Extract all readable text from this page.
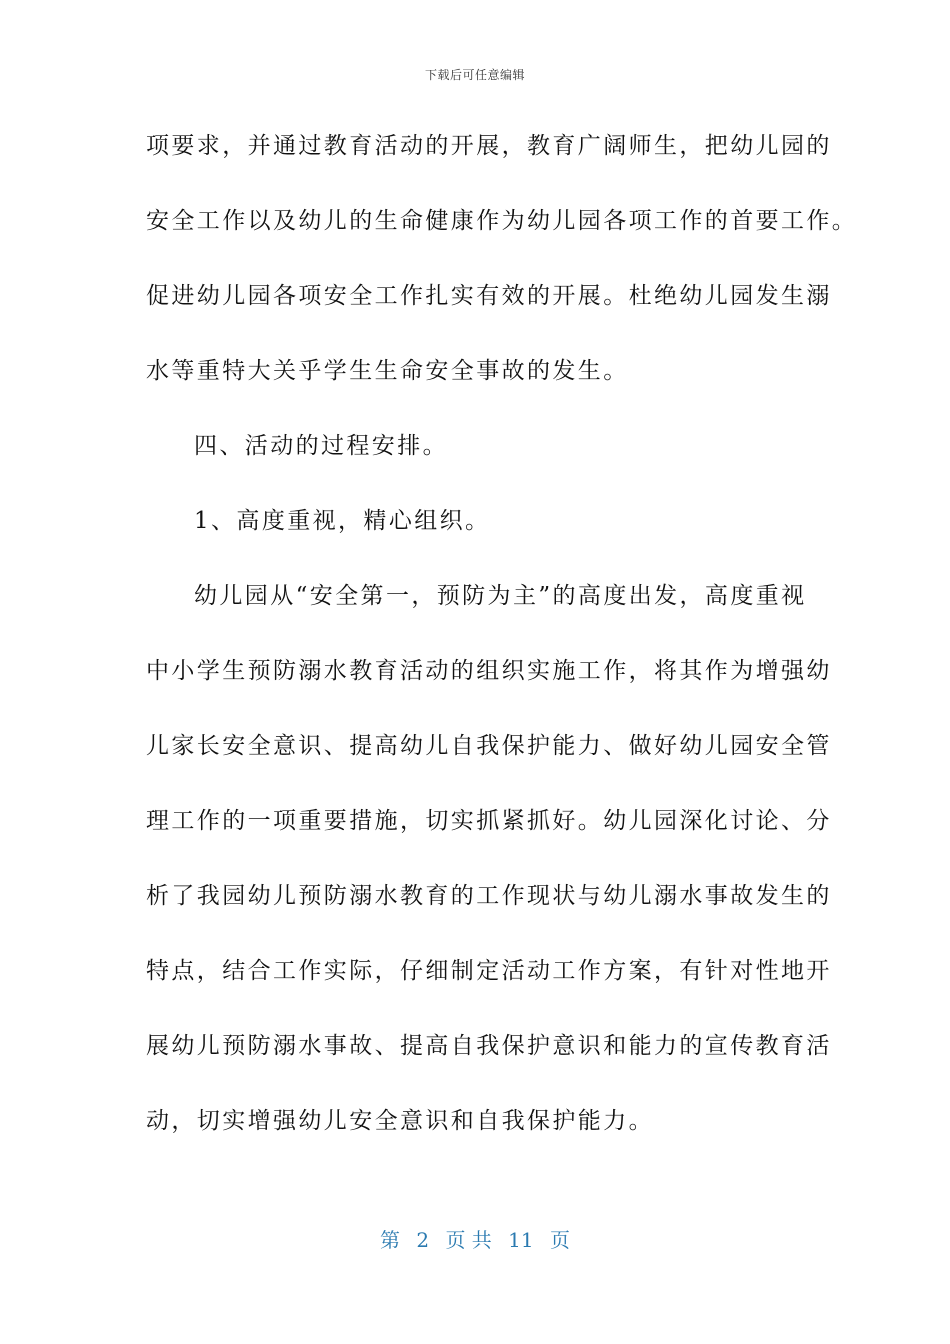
下载后可任意编辑
项要求，并通过教育活动的开展，教育广阔师生，把幼儿园的
安全工作以及幼儿的生命健康作为幼儿园各项工作的首要工作。
促进幼儿园各项安全工作扎实有效的开展。杜绝幼儿园发生溺
水等重特大关乎学生生命安全事故的发生。
四、活动的过程安排。
1、高度重视，精心组织。
幼儿园从“安全第一，预防为主”的高度出发，高度重视
中小学生预防溺水教育活动的组织实施工作，将其作为增强幼
儿家长安全意识、提高幼儿自我保护能力、做好幼儿园安全管
理工作的一项重要措施，切实抓紧抓好。幼儿园深化讨论、分
析了我园幼儿预防溺水教育的工作现状与幼儿溺水事故发生的
特点，结合工作实际，仔细制定活动工作方案，有针对性地开
展幼儿预防溺水事故、提高自我保护意识和能力的宣传教育活
动，切实增强幼儿安全意识和自我保护能力。
第 2 页 共 11 页
